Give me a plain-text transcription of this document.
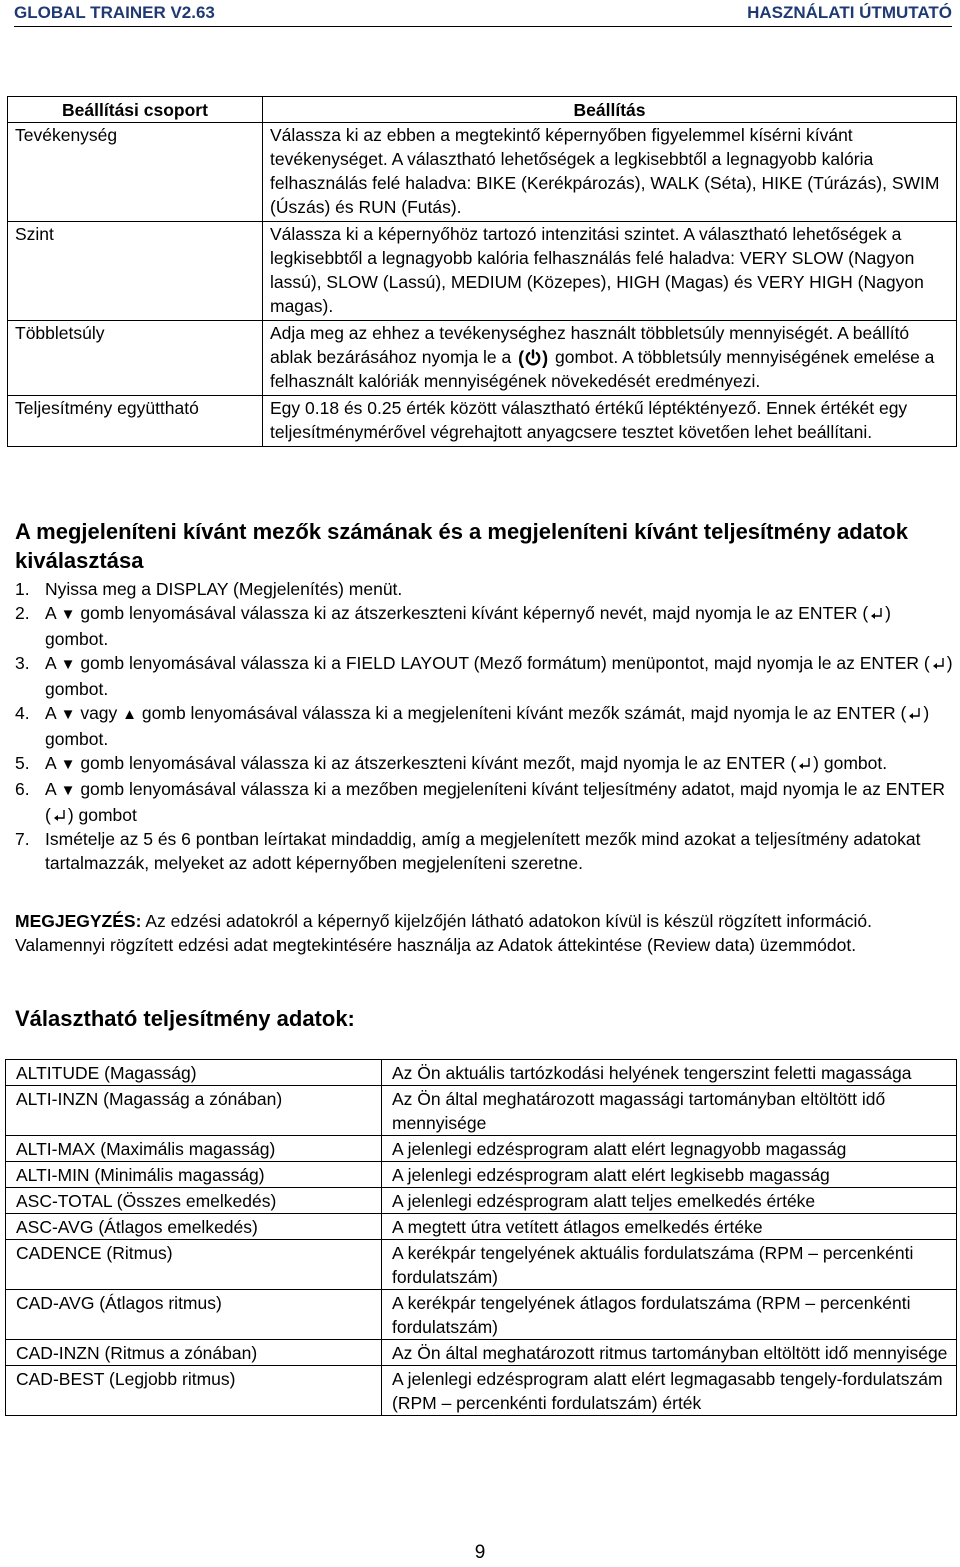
GLOBAL TRAINER V2.63	HASZNÁLATI ÚTMUTATÓ
Beállítási csoport	Beállítás
Tevékenység	Válassza ki az ebben a megtekintő képernyőben figyelemmel kísérni kívánt tevékenységet. A választható lehetőségek a legkisebbtől a legnagyobb kalória felhasználás felé haladva: BIKE (Kerékpározás), WALK (Séta), HIKE (Túrázás), SWIM (Úszás) és RUN (Futás).
Szint	Válassza ki a képernyőhöz tartozó intenzitási szintet. A választható lehetőségek a legkisebbtől a legnagyobb kalória felhasználás felé haladva: VERY SLOW (Nagyon lassú), SLOW (Lassú), MEDIUM (Közepes), HIGH (Magas) és VERY HIGH (Nagyon magas).
Többletsúly	Adja meg az ehhez a tevékenységhez használt többletsúly mennyiségét. A beállító ablak bezárásához nyomja le a ( ) gombot. A többletsúly mennyiségének emelése a felhasznált kalóriák mennyiségének növekedését eredményezi.
Teljesítmény együttható	Egy 0.18 és 0.25 érték között választható értékű léptéktényező. Ennek értékét egy teljesítménymérővel végrehajtott anyagcsere tesztet követően lehet beállítani.
A megjeleníteni kívánt mezők számának és a megjeleníteni kívánt teljesítmény adatok kiválasztása
1. Nyissa meg a DISPLAY (Megjelenítés) menüt.
2. A ▼ gomb lenyomásával válassza ki az átszerkeszteni kívánt képernyő nevét, majd nyomja le az ENTER ( ) gombot.
3. A ▼ gomb lenyomásával válassza ki a FIELD LAYOUT (Mező formátum) menüpontot, majd nyomja le az ENTER ( ) gombot.
4. A ▼ vagy ▲ gomb lenyomásával válassza ki a megjeleníteni kívánt mezők számát, majd nyomja le az ENTER ( ) gombot.
5. A ▼ gomb lenyomásával válassza ki az átszerkeszteni kívánt mezőt, majd nyomja le az ENTER ( ) gombot.
6. A ▼ gomb lenyomásával válassza ki a mezőben megjeleníteni kívánt teljesítmény adatot, majd nyomja le az ENTER ( ) gombot
7. Ismételje az 5 és 6 pontban leírtakat mindaddig, amíg a megjelenített mezők mind azokat a teljesítmény adatokat tartalmazzák, melyeket az adott képernyőben megjeleníteni szeretne.

MEGJEGYZÉS: Az edzési adatokról a képernyő kijelzőjén látható adatokon kívül is készül rögzített információ. Valamennyi rögzített edzési adat megtekintésére használja az Adatok áttekintése (Review data) üzemmódot.

Választható teljesítmény adatok:
ALTITUDE (Magasság)	Az Ön aktuális tartózkodási helyének tengerszint feletti magassága
ALTI-INZN (Magasság a zónában)	Az Ön által meghatározott magassági tartományban eltöltött idő mennyisége
ALTI-MAX (Maximális magasság)	A jelenlegi edzésprogram alatt elért legnagyobb magasság
ALTI-MIN (Minimális magasság)	A jelenlegi edzésprogram alatt elért legkisebb magasság
ASC-TOTAL (Összes emelkedés)	A jelenlegi edzésprogram alatt teljes emelkedés értéke
ASC-AVG (Átlagos emelkedés)	A megtett útra vetített átlagos emelkedés értéke
CADENCE (Ritmus)	A kerékpár tengelyének aktuális fordulatszáma (RPM – percenkénti fordulatszám)
CAD-AVG (Átlagos ritmus)	A kerékpár tengelyének átlagos fordulatszáma (RPM – percenkénti fordulatszám)
CAD-INZN (Ritmus a zónában)	Az Ön által meghatározott ritmus tartományban eltöltött idő mennyisége
CAD-BEST (Legjobb ritmus)	A jelenlegi edzésprogram alatt elért legmagasabb tengely-fordulatszám (RPM – percenkénti fordulatszám) érték
9
